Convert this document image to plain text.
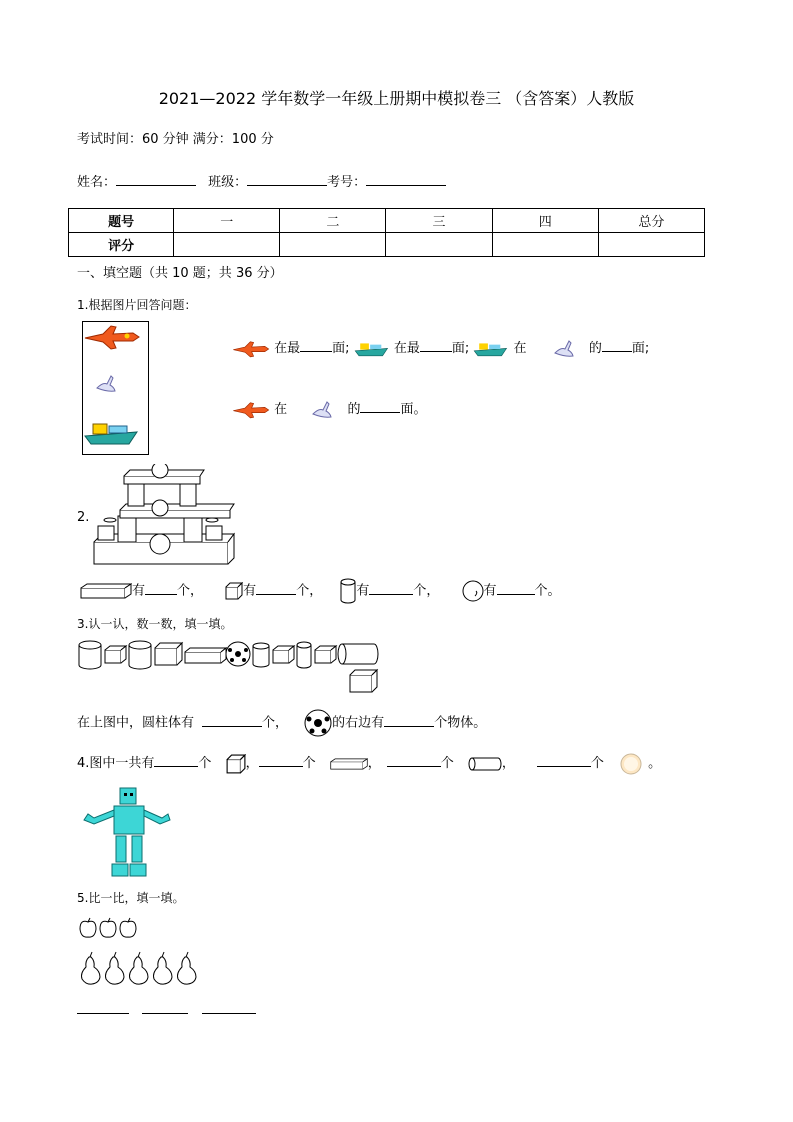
2021—2022 学年数学一年级上册期中模拟卷三 （含答案）人教版
考试时间：60 分钟 满分：100 分
姓名：	班级：	考号：
题号	一	二	三	四	总分
评分					
一、填空题（共 10 题；共 36 分）
1.根据图片回答问题：
在最 面;	在最 面;	在	的 面;
在	的	面。
2.
有 个，	有	个，	有	个，	有	个。
3.认一认，数一数，填一填。
在上图中，圆柱体有	个，	的右边有	个物体。
4.图中一共有	个	，	个	，	个	，	个	。
5.比一比，填一填。
